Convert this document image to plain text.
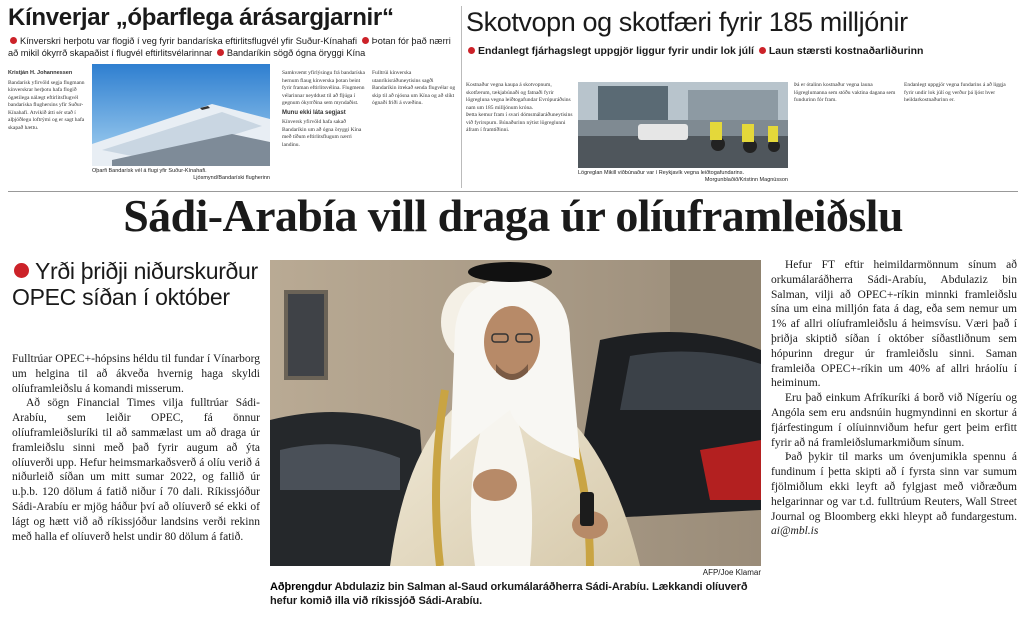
Kínverjar „óþarflega árásargjarnir“
Kínverskri herþotu var flogið í veg fyrir bandaríska eftirlitsflugvél yfir Suður-Kínahafi Þotan fór það nærri að mikil ókyrrð skapaðist í flugvél eftirlitsvélarinnar Bandaríkin sögð ógna öryggi Kína
Kristján H. Johannessen
Bandarísk yfirvöld segja flugmann kínverskrar herþotu hafa flogið ógætilega nálægt eftirlitsflugvél bandaríska flughersins yfir Suður-Kínahafi. Atvikið átti sér stað í alþjóðlegu loftrými og er sagt hafa skapað hættu.
Óþarfi Bandarísk vél á flugi yfir Suður-Kínahafi.
Ljósmynd/Bandaríski flugherinn
Samkvæmt yfirlýsingu frá bandaríska hernum flaug kínverska þotan beint fyrir framan eftirlitsvélina. Flugmenn vélarinnar neyddust til að fljúga í gegnum ókyrrðina sem myndaðist.
Munu ekki láta segjast
Kínversk yfirvöld hafa sakað Bandaríkin um að ógna öryggi Kína með tíðum eftirlitsflugum nærri landinu.
Fulltrúi kínverska utanríkisráðuneytisins sagði Bandaríkin ítrekað senda flugvélar og skip til að njósna um Kína og að slíkt ógnaði friði á svæðinu.
Skotvopn og skotfæri fyrir 185 milljónir
Endanlegt fjárhagslegt uppgjör liggur fyrir undir lok júlí Laun stærsti kostnaðarliðurinn
Kostnaður vegna kaupa á skotvopnum, skotfærum, tækjabúnaði og fatnaði fyrir lögregluna vegna leiðtogafundar Evrópuráðsins nam um 185 milljónum króna.
Þetta kemur fram í svari dómsmálaráðuneytisins við fyrirspurn. Búnaðurinn nýtist lögreglunni áfram í framtíðinni.
Lögreglan Mikill viðbúnaður var í Reykjavík vegna leiðtogafundarins.
Morgunblaðið/Kristinn Magnússon
Þá er ótalinn kostnaður vegna launa lögreglumanna sem stóðu vaktina dagana sem fundurinn fór fram.
Endanlegt uppgjör vegna fundarins á að liggja fyrir undir lok júlí og verður þá ljóst hver heildarkostnaðurinn er.
Sádi-Arabía vill draga úr olíuframleiðslu
Yrði þriðji niðurskurður OPEC síðan í október

Fulltrúar OPEC+-hópsins héldu til fundar í Vínarborg um helgina til að ákveða hvernig haga skyldi olíuframleiðslu á komandi misserum.

Að sögn Financial Times vilja fulltrúar Sádi-Arabíu, sem leiðir OPEC, fá önnur olíuframleiðsluríki til að sammælast um að draga úr framleiðslu sinni með það fyrir augum að ýta olíuverði upp. Hefur heimsmarkaðsverð á olíu verið á niðurleið síðan um mitt sumar 2022, og fallið úr u.þ.b. 120 dölum á fatið niður í 70 dali. Ríkissjóður Sádi-Arabíu er mjög háður því að olíuverð sé ekki of lágt og hætt við að ríkissjóður landsins verði rekinn með halla ef olíuverð helst undir 80 dölum á fatið.

AFP/Joe Klamar
Aðþrengdur Abdulaziz bin Salman al-Saud orkumálaráðherra Sádi-Arabíu. Lækkandi olíuverð hefur komið illa við ríkissjóð Sádi-Arabíu.

Hefur FT eftir heimildarmönnum sínum að orkumálaráðherra Sádi-Arabíu, Abdulaziz bin Salman, vilji að OPEC+-ríkin minnki framleiðslu sína um eina milljón fata á dag, eða sem nemur um 1% af allri olíuframleiðslu á heimsvísu. Væri það í þriðja skiptið síðan í október síðastliðnum sem hópurinn dregur úr framleiðslu sinni. Saman framleiða OPEC+-ríkin um 40% af allri hráolíu í heiminum.

Eru það einkum Afríkuríki á borð við Nígeríu og Angóla sem eru andsnúin hugmyndinni en skortur á fjárfestingum í olíuinnviðum hefur gert þeim erfitt fyrir að ná framleiðslumarkmiðum sínum.

Það þykir til marks um óvenjumikla spennu á fundinum í þetta skipti að í fyrsta sinn var sumum fjölmiðlum ekki leyft að fylgjast með viðræðum helgarinnar og var t.d. fulltrúum Reuters, Wall Street Journal og Bloomberg ekki hleypt að fundargestum. ai@mbl.is
